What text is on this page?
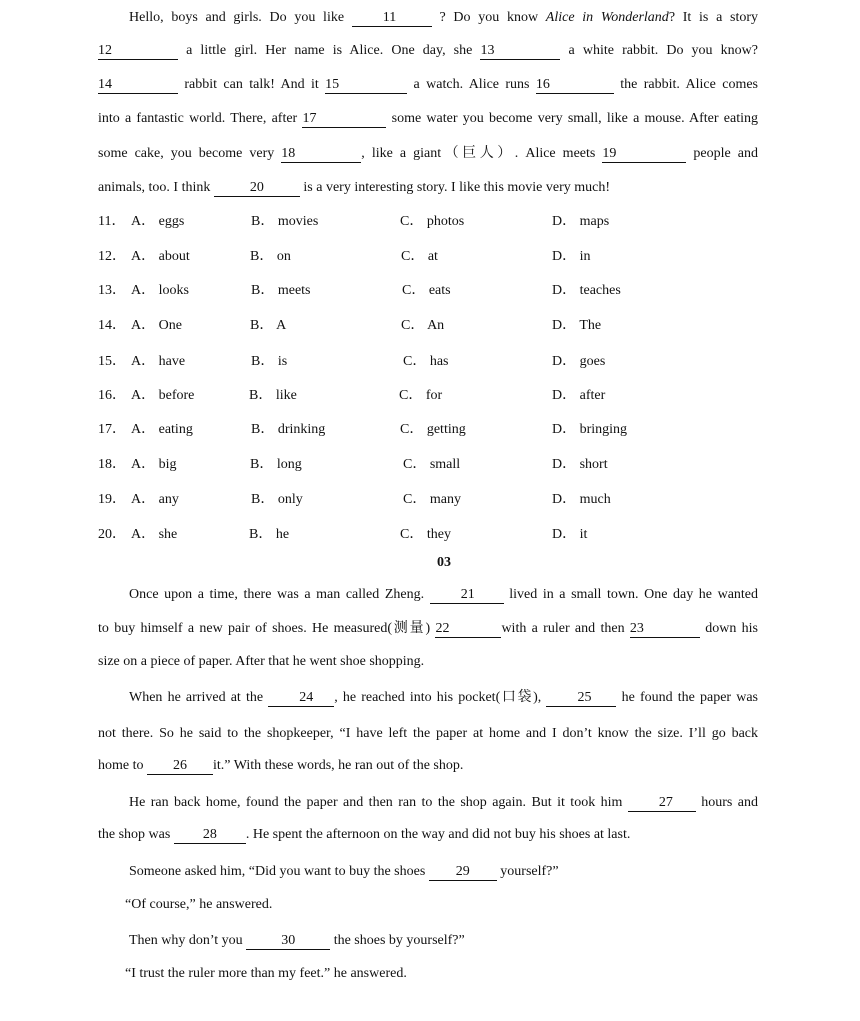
Hello, boys and girls. Do you like 11	? Do you know Alice in Wonderland? It is a story
12	a little girl. Her name is Alice. One day, she 13	a white rabbit. Do you know?
14	rabbit can talk! And it 15	a watch. Alice runs 16	the rabbit. Alice comes
into a fantastic world. There, after 17	some water you become very small, like a mouse. After eating
some cake, you become very 18	, like a giant（巨人）. Alice meets 19	people and
animals, too. I think	20	is a very interesting story. I like this movie very much!
11． A． eggs	B． movies	C． photos	D． maps
12． A． about	B． on	C． at	D． in
13． A． looks	B． meets	C． eats	D． teaches
14． A． One	B． A	C． An	D． The
15． A． have	B． is	C． has	D． goes
16． A． before	B． like	C． for	D． after
17． A． eating	B． drinking	C． getting	D． bringing
18． A． big	B． long	C． small	D． short
19． A． any	B． only	C． many	D． much
20． A． she	B． he	C． they	D． it
03
Once upon a time, there was a man called Zheng. 21 lived in a small town. One day he wanted
to buy himself a new pair of shoes. He measured(测量) 22	with a ruler and then 23	down his
size on a piece of paper. After that he went shoe shopping.
When he arrived at the 24 , he reached into his pocket(口袋), 25 he found the paper was
not there. So he said to the shopkeeper, “I have left the paper at home and I don’t know the size. I’ll go back
home to 26 it.” With these words, he ran out of the shop.
He ran back home, found the paper and then ran to the shop again. But it took him 27 hours and
the shop was 28 . He spent the afternoon on the way and did not buy his shoes at last.
Someone asked him, “Did you want to buy the shoes 29 yourself?”
“Of course,” he answered.
Then why don’t you	30	the shoes by yourself?”
“I trust the ruler more than my feet.” he answered.
